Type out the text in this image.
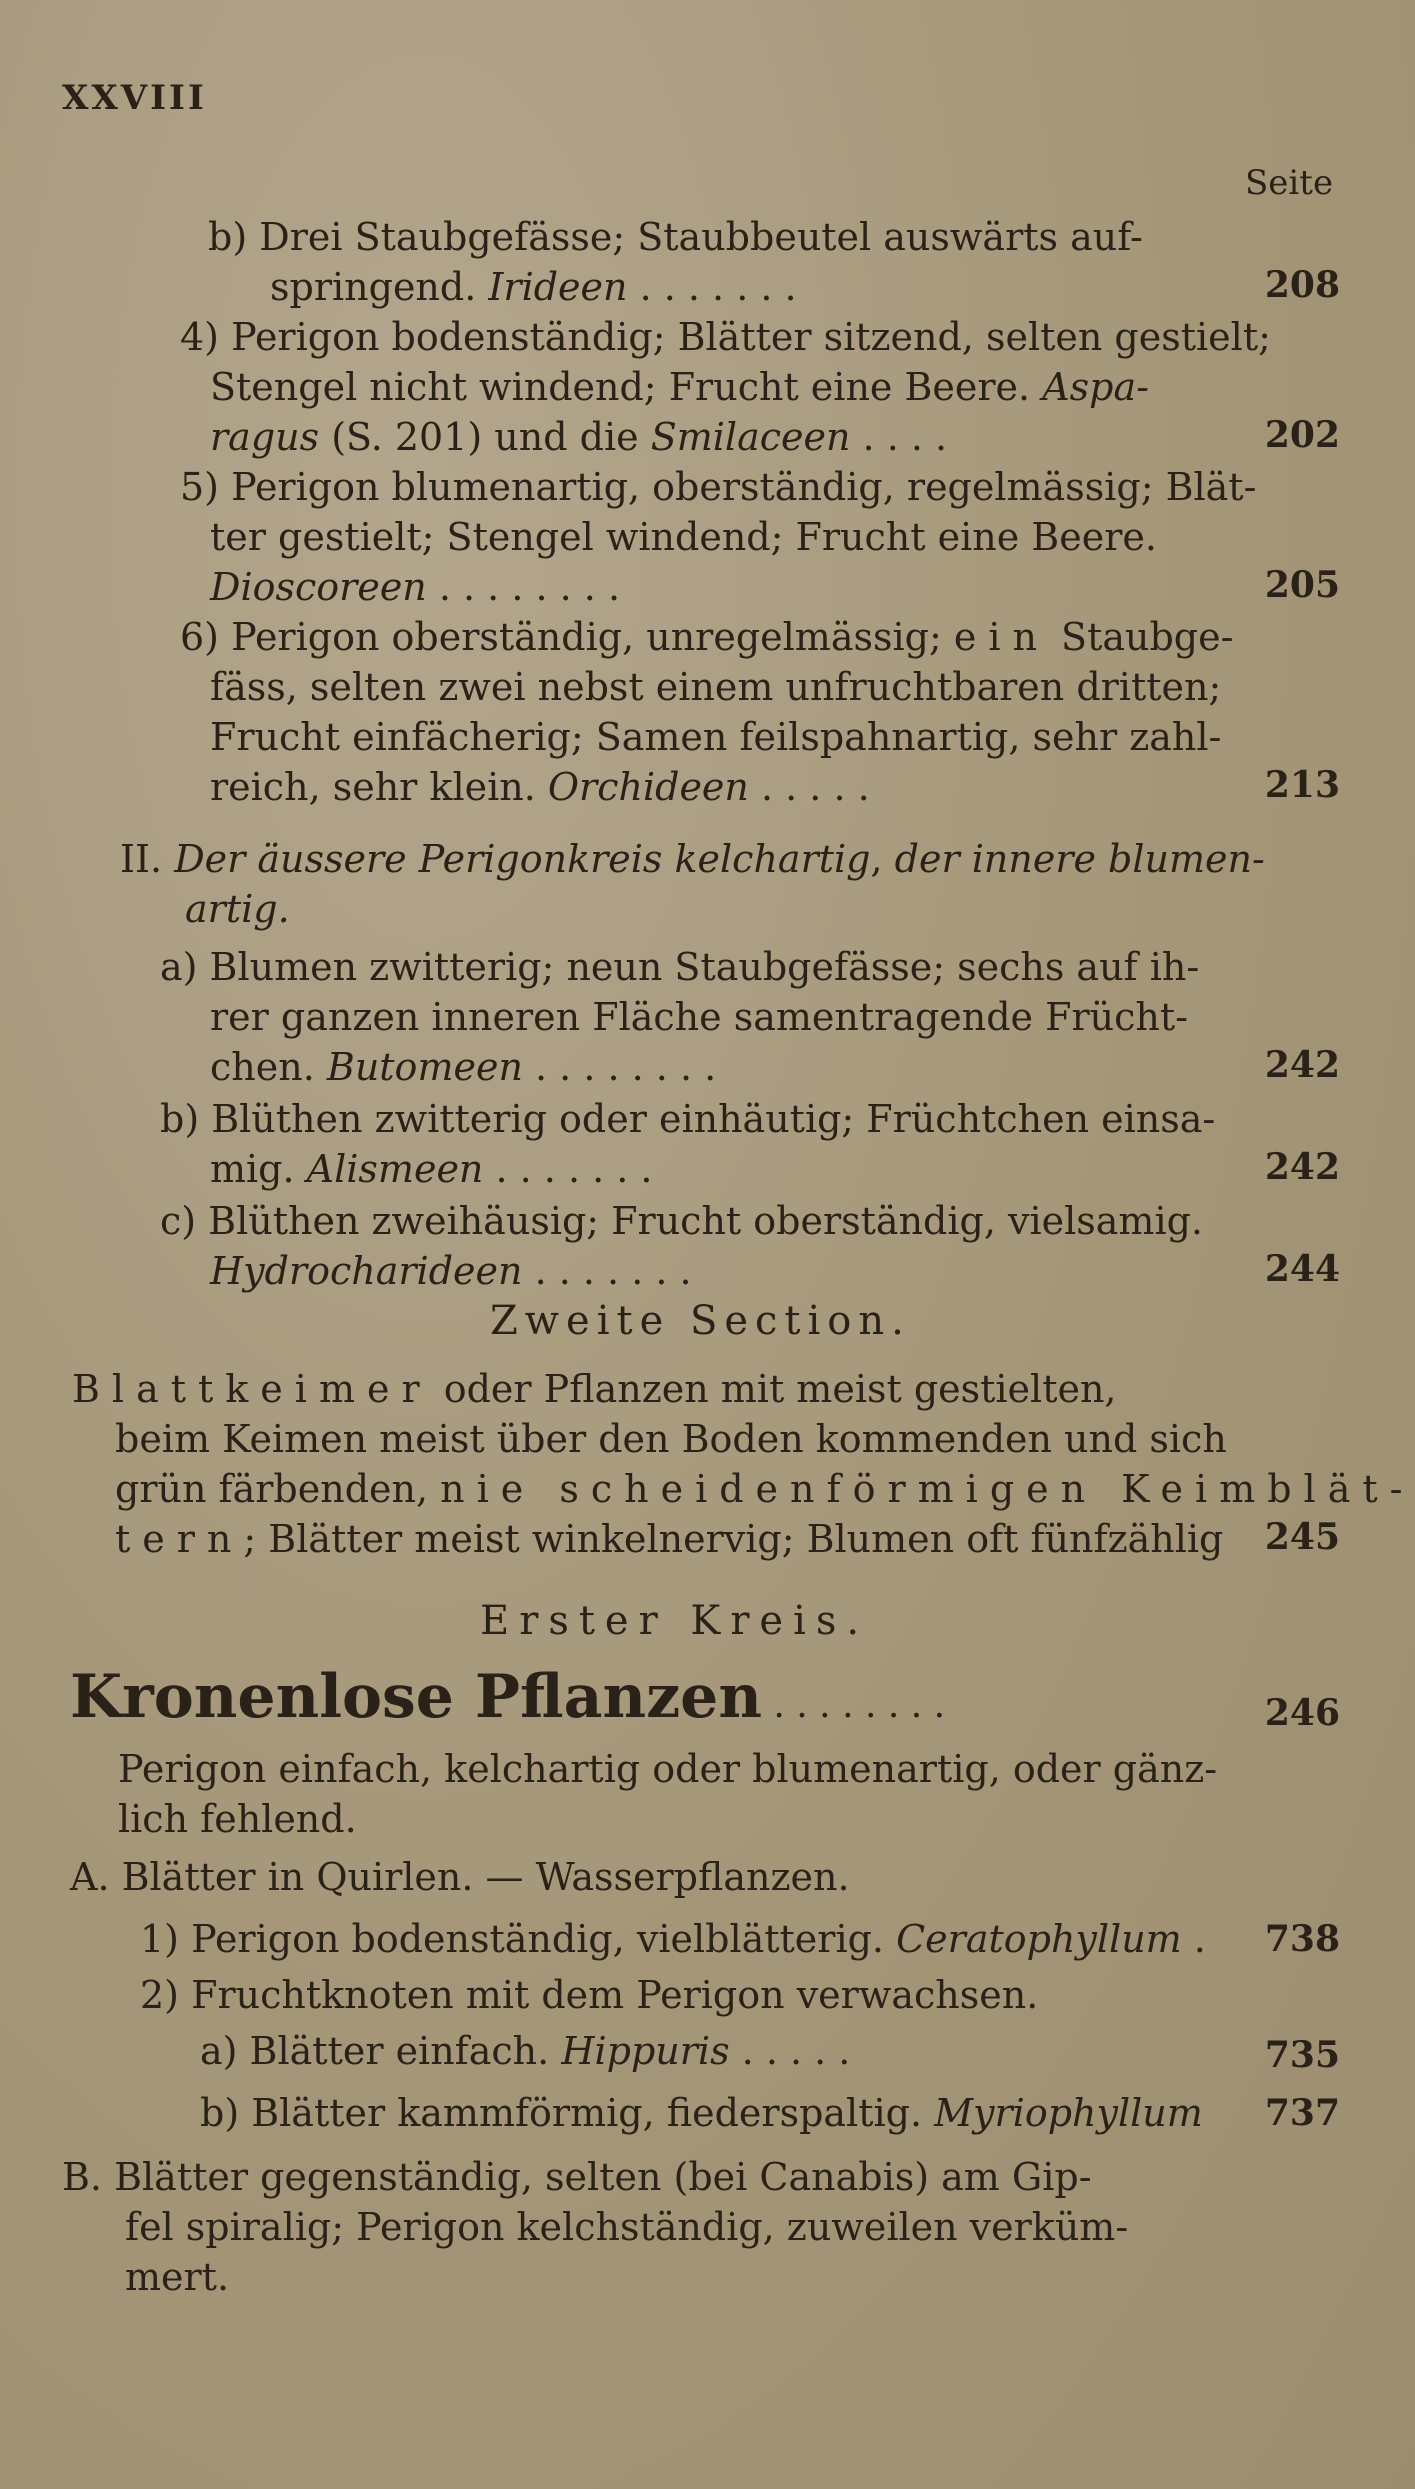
XXVIII
Seite
b) Drei Staubgefässe; Staubbeutel auswärts auf-
springend. Irideen . . . . . . .	208
4) Perigon bodenständig; Blätter sitzend, selten gestielt;
Stengel nicht windend; Frucht eine Beere. Aspa-
ragus (S. 201) und die Smilaceen . . . .	202
5) Perigon blumenartig, oberständig, regelmässig; Blät-
ter gestielt; Stengel windend; Frucht eine Beere.
Dioscoreen . . . . . . . .	205
6) Perigon oberständig, unregelmässig; ein Staubge-
fäss, selten zwei nebst einem unfruchtbaren dritten;
Frucht einfächerig; Samen feilspahnartig, sehr zahl-
reich, sehr klein. Orchideen . . . . .	213
II. Der äussere Perigonkreis kelchartig, der innere blumen-
artig.
a) Blumen zwitterig; neun Staubgefässe; sechs auf ih-
rer ganzen inneren Fläche samentragende Frücht-
chen. Butomeen . . . . . . . .	242
b) Blüthen zwitterig oder einhäutig; Früchtchen einsa-
mig. Alismeen . . . . . . .	242
c) Blüthen zweihäusig; Frucht oberständig, vielsamig.
Hydrocharideen . . . . . . .	244
Zweite Section.
Blattkeimer oder Pflanzen mit meist gestielten,
beim Keimen meist über den Boden kommenden und sich
grün färbenden, nie scheidenförmigen Keimblät-
tern; Blätter meist winkelnervig; Blumen oft fünfzählig	245
Erster Kreis.
Kronenlose Pflanzen . . . . . . . .	246
Perigon einfach, kelchartig oder blumenartig, oder gänz-
lich fehlend.
A. Blätter in Quirlen. — Wasserpflanzen.
1) Perigon bodenständig, vielblätterig. Ceratophyllum .	738
2) Fruchtknoten mit dem Perigon verwachsen.
a) Blätter einfach. Hippuris . . . . .	735
b) Blätter kammförmig, fiederspaltig. Myriophyllum	737
B. Blätter gegenständig, selten (bei Canabis) am Gip-
fel spiralig; Perigon kelchständig, zuweilen verküm-
mert.
